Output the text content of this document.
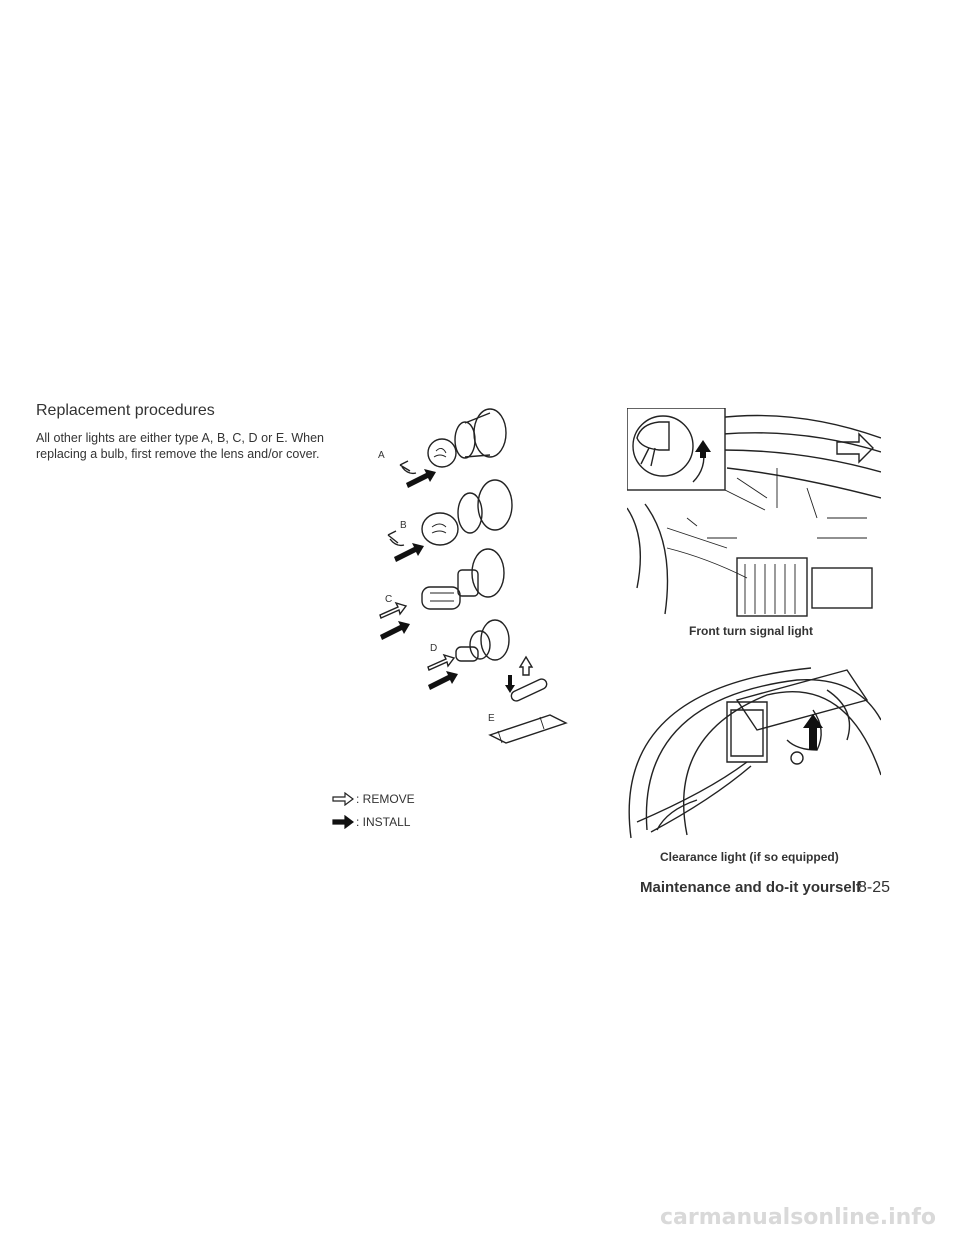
Replacement procedures
All other lights are either type A, B, C, D or E. When replacing a bulb, first remove the lens and/or cover.	A
B
C
D
E
: REMOVE
: INSTALL
Front turn signal light
Clearance light (if so equipped)
Maintenance and do-it yourself
8-25
carmanualsonline.info
